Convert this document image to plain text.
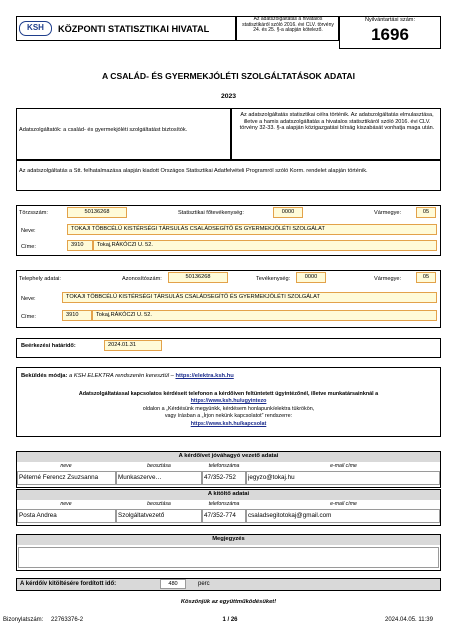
KSH	KÖZPONTI STATISZTIKAI HIVATAL
Az adatszolgáltatás a hivatalos statisztikáról szóló 2016. évi CLV. törvény 24. és 25. §-a alapján kötelező.
Nyilvántartási szám:
1696
A CSALÁD- ÉS GYERMEKJÓLÉTI SZOLGÁLTATÁSOK ADATAI
2023
Adatszolgáltatók: a család- és gyermekjóléti szolgáltatást biztosítók.
Az adatszolgáltatás statisztikai célra történik. Az adatszolgáltatás elmulasztása, illetve a hamis adatszolgáltatás a hivatalos statisztikáról szóló 2016. évi CLV. törvény 32-33. §-a alapján közigazgatási bírság kiszabását vonhatja maga után.
Az adatszolgáltatás a Stt. felhatalmazása alapján kiadott Országos Statisztikai Adatfelvételi Programról szóló Korm. rendelet alapján történik.
Törzsszám:	50136268	Statisztikai főtevékenység:	0000	Vármegye:	05
Neve:	TOKAJI TÖBBCÉLÚ KISTÉRSÉGI TÁRSULÁS CSALÁDSEGÍTŐ ÉS GYERMEKJÓLÉTI SZOLGÁLAT
Címe:	3910	Tokaj,RÁKÓCZI U. 52.
Telephely adatai:	Azonosítószám:	50136268	Tevékenység:	0000	Vármegye:	05
Neve:	TOKAJI TÖBBCÉLÚ KISTÉRSÉGI TÁRSULÁS CSALÁDSEGÍTŐ ÉS GYERMEKJÓLÉTI SZOLGÁLAT
Címe:	3910	Tokaj,RÁKÓCZI U. 52.
Beérkezési határidő:	2024.01.31
Beküldés módja: a KSH ELEKTRA rendszerén keresztül – https://elektra.ksh.hu
Adatszolgáltatással kapcsolatos kérdéseit telefonon a kérdőíven feltüntetett ügyintézőnél, illetve munkatársainknál a
https://www.ksh.hu/ugyintezo
oldalon a „Kérdésünk megyünkk, kérdésem honlapunk/elektra tükrökön,
vagy írásban a „Írjon nekünk kapcsolatot” rendszerre:
https://www.ksh.hu/kapcsolat
A kérdőívet jóváhagyó vezető adatai
neve	beosztása	telefonszáma	e-mail címe
Péterné Ferencz Zsuzsanna	Munkaszerve…	47/352-752	jegyzo@tokaj.hu
A kitöltő adatai
neve	beosztása	telefonszáma	e-mail címe
Posta Andrea	Szolgáltatvezető	47/352-774	csaladsegitotokaj@gmail.com
Megjegyzés
A kérdőív kitöltésére fordított idő:	480	perc
Köszönjük az együttműködésüket!
Bizonylatszám: 22763376-2	1 / 26	2024.04.05. 11:39
